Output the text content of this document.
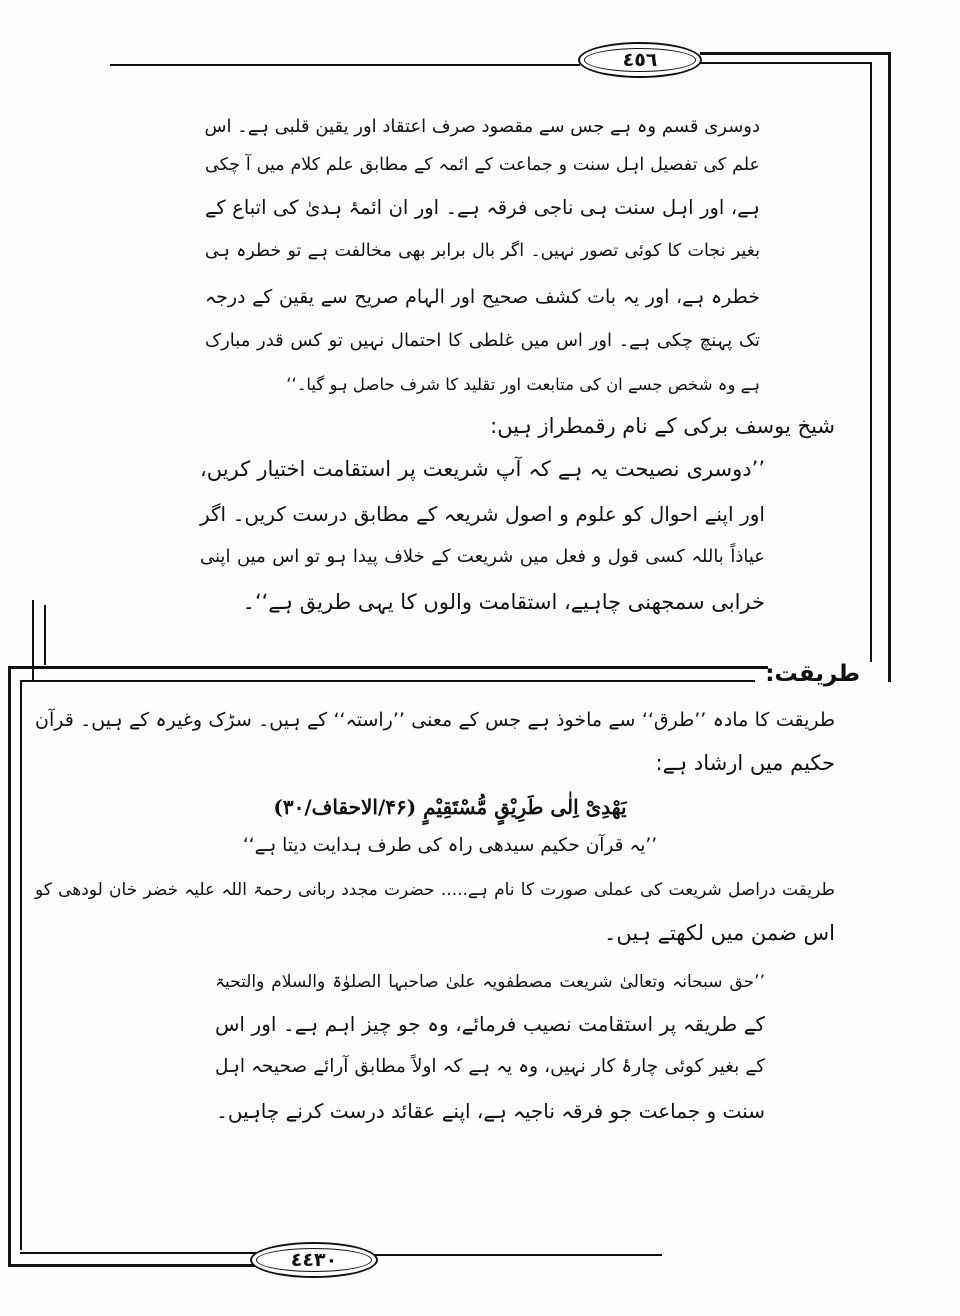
٤٥٦
٤٤٣٠
دوسری قسم وہ ہے جس سے مقصود صرف اعتقاد اور یقین قلبی ہے۔ اس
علم کی تفصیل اہل سنت و جماعت کے ائمہ کے مطابق علم کلام میں آ چکی
ہے، اور اہل سنت ہی ناجی فرقہ ہے۔ اور ان ائمۂ ہدیٰ کی اتباع کے
بغیر نجات کا کوئی تصور نہیں۔ اگر بال برابر بھی مخالفت ہے تو خطرہ ہی
خطرہ ہے، اور یہ بات کشف صحیح اور الہام صریح سے یقین کے درجہ
تک پہنچ چکی ہے۔ اور اس میں غلطی کا احتمال نہیں تو کس قدر مبارک
ہے وہ شخص جسے ان کی متابعت اور تقلید کا شرف حاصل ہو گیا۔‘‘
شیخ یوسف برکی کے نام رقمطراز ہیں:
’’دوسری نصیحت یہ ہے کہ آپ شریعت پر استقامت اختیار کریں،
اور اپنے احوال کو علوم و اصول شریعہ کے مطابق درست کریں۔ اگر
عیاذاً باللہ کسی قول و فعل میں شریعت کے خلاف پیدا ہو تو اس میں اپنی
خرابی سمجھنی چاہیے، استقامت والوں کا یہی طریق ہے‘‘۔
طریقت:
طریقت کا مادہ ’’طرق‘‘ سے ماخوذ ہے جس کے معنی ’’راستہ‘‘ کے ہیں۔ سڑک وغیرہ کے ہیں۔ قرآن
حکیم میں ارشاد ہے:
یَهْدِیْ اِلٰی طَرِیْقٍ مُّسْتَقِیْمٍ (۴۶/الاحقاف/۳۰)
’’یہ قرآن حکیم سیدھی راہ کی طرف ہدایت دیتا ہے‘‘
طریقت دراصل شریعت کی عملی صورت کا نام ہے..... حضرت مجدد ربانی رحمۃ اللہ علیہ خضر خان لودھی کو
اس ضمن میں لکھتے ہیں۔
’’حق سبحانہ وتعالیٰ شریعت مصطفویہ علیٰ صاحبہا الصلوٰۃ والسلام والتحیۃ
کے طریقہ پر استقامت نصیب فرمائے، وہ جو چیز اہم ہے۔ اور اس
کے بغیر کوئی چارۂ کار نہیں، وہ یہ ہے کہ اولاً مطابق آرائے صحیحہ اہل
سنت و جماعت جو فرقہ ناجیہ ہے، اپنے عقائد درست کرنے چاہیں۔
